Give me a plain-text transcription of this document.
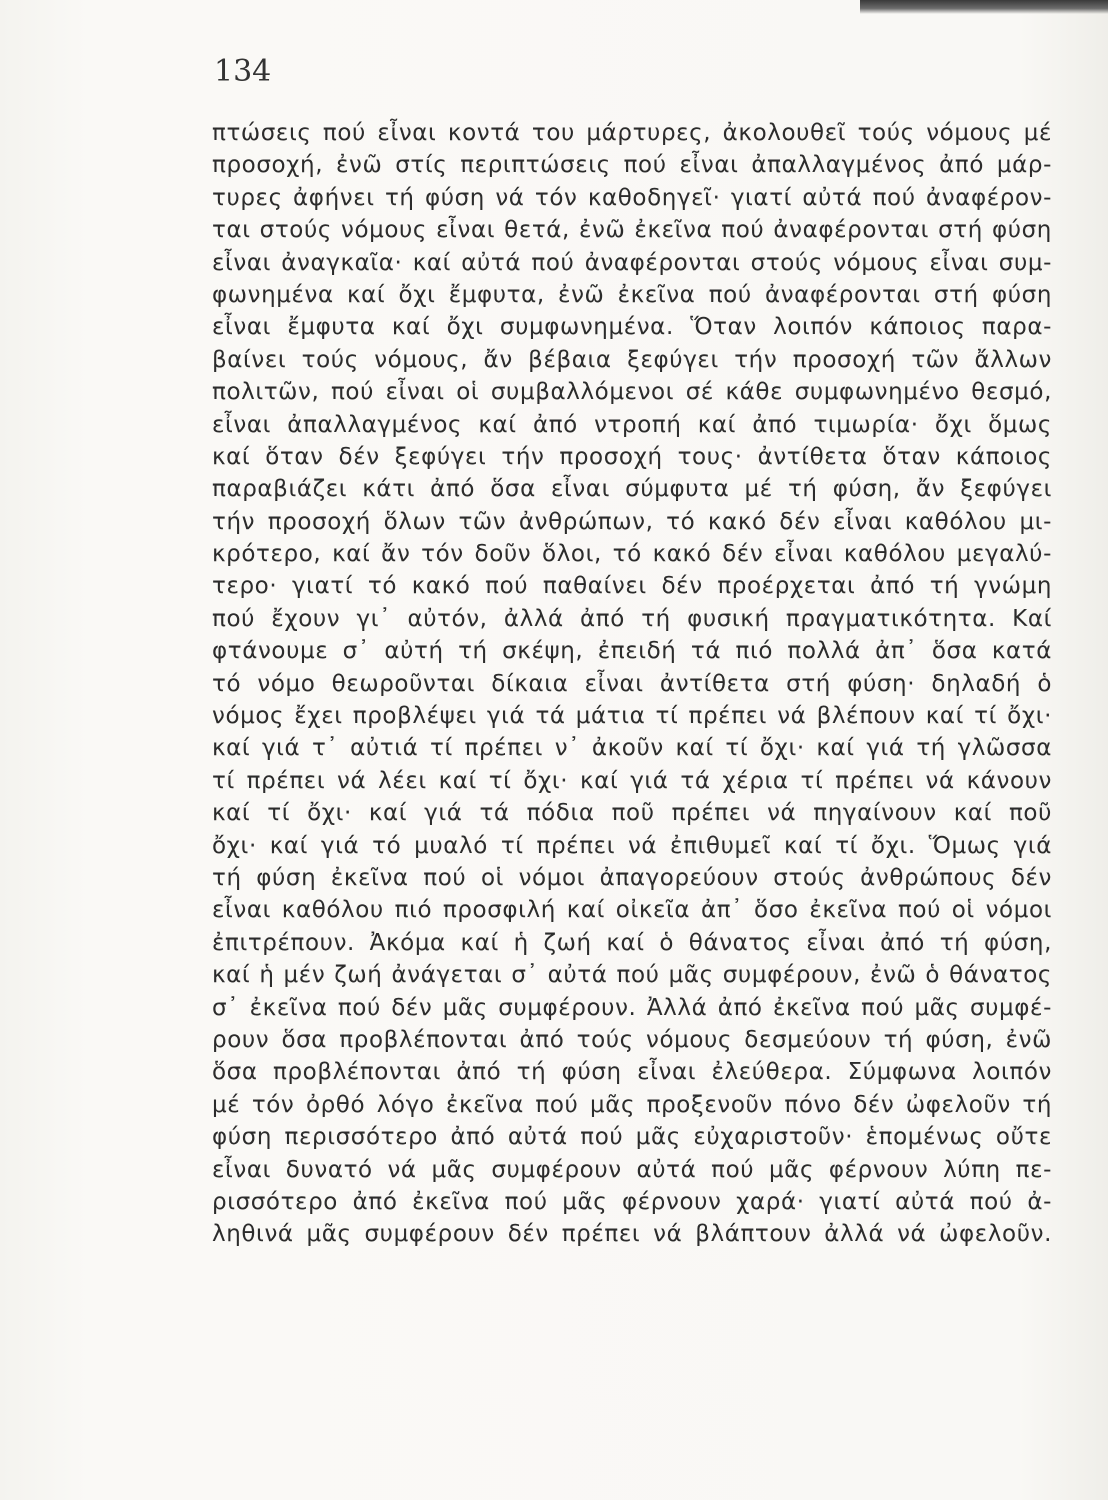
134
πτώσεις πού εἶναι κοντά του μάρτυρες, ἀκολουθεῖ τούς νόμους μέ
προσοχή, ἐνῶ στίς περιπτώσεις πού εἶναι ἀπαλλαγμένος ἀπό μάρ-
τυρες ἀφήνει τή φύση νά τόν καθοδηγεῖ· γιατί αὐτά πού ἀναφέρον-
ται στούς νόμους εἶναι θετά, ἐνῶ ἐκεῖνα πού ἀναφέρονται στή φύση
εἶναι ἀναγκαῖα· καί αὐτά πού ἀναφέρονται στούς νόμους εἶναι συμ-
φωνημένα καί ὄχι ἔμφυτα, ἐνῶ ἐκεῖνα πού ἀναφέρονται στή φύση
εἶναι ἔμφυτα καί ὄχι συμφωνημένα. Ὅταν λοιπόν κάποιος παρα-
βαίνει τούς νόμους, ἄν βέβαια ξεφύγει τήν προσοχή τῶν ἄλλων
πολιτῶν, πού εἶναι οἱ συμβαλλόμενοι σέ κάθε συμφωνημένο θεσμό,
εἶναι ἀπαλλαγμένος καί ἀπό ντροπή καί ἀπό τιμωρία· ὄχι ὅμως
καί ὅταν δέν ξεφύγει τήν προσοχή τους· ἀντίθετα ὅταν κάποιος
παραβιάζει κάτι ἀπό ὅσα εἶναι σύμφυτα μέ τή φύση, ἄν ξεφύγει
τήν προσοχή ὅλων τῶν ἀνθρώπων, τό κακό δέν εἶναι καθόλου μι-
κρότερο, καί ἄν τόν δοῦν ὅλοι, τό κακό δέν εἶναι καθόλου μεγαλύ-
τερο· γιατί τό κακό πού παθαίνει δέν προέρχεται ἀπό τή γνώμη
πού ἔχουν γι᾽ αὐτόν, ἀλλά ἀπό τή φυσική πραγματικότητα. Καί
φτάνουμε σ᾽ αὐτή τή σκέψη, ἐπειδή τά πιό πολλά ἀπ᾽ ὅσα κατά
τό νόμο θεωροῦνται δίκαια εἶναι ἀντίθετα στή φύση· δηλαδή ὁ
νόμος ἔχει προβλέψει γιά τά μάτια τί πρέπει νά βλέπουν καί τί ὄχι·
καί γιά τ᾽ αὐτιά τί πρέπει ν᾽ ἀκοῦν καί τί ὄχι· καί γιά τή γλῶσσα
τί πρέπει νά λέει καί τί ὄχι· καί γιά τά χέρια τί πρέπει νά κάνουν
καί τί ὄχι· καί γιά τά πόδια ποῦ πρέπει νά πηγαίνουν καί ποῦ
ὄχι· καί γιά τό μυαλό τί πρέπει νά ἐπιθυμεῖ καί τί ὄχι. Ὅμως γιά
τή φύση ἐκεῖνα πού οἱ νόμοι ἀπαγορεύουν στούς ἀνθρώπους δέν
εἶναι καθόλου πιό προσφιλή καί οἰκεῖα ἀπ᾽ ὅσο ἐκεῖνα πού οἱ νόμοι
ἐπιτρέπουν. Ἀκόμα καί ἡ ζωή καί ὁ θάνατος εἶναι ἀπό τή φύση,
καί ἡ μέν ζωή ἀνάγεται σ᾽ αὐτά πού μᾶς συμφέρουν, ἐνῶ ὁ θάνατος
σ᾽ ἐκεῖνα πού δέν μᾶς συμφέρουν. Ἀλλά ἀπό ἐκεῖνα πού μᾶς συμφέ-
ρουν ὅσα προβλέπονται ἀπό τούς νόμους δεσμεύουν τή φύση, ἐνῶ
ὅσα προβλέπονται ἀπό τή φύση εἶναι ἐλεύθερα. Σύμφωνα λοιπόν
μέ τόν ὀρθό λόγο ἐκεῖνα πού μᾶς προξενοῦν πόνο δέν ὠφελοῦν τή
φύση περισσότερο ἀπό αὐτά πού μᾶς εὐχαριστοῦν· ἑπομένως οὔτε
εἶναι δυνατό νά μᾶς συμφέρουν αὐτά πού μᾶς φέρνουν λύπη πε-
ρισσότερο ἀπό ἐκεῖνα πού μᾶς φέρνουν χαρά· γιατί αὐτά πού ἀ-
ληθινά μᾶς συμφέρουν δέν πρέπει νά βλάπτουν ἀλλά νά ὠφελοῦν.
